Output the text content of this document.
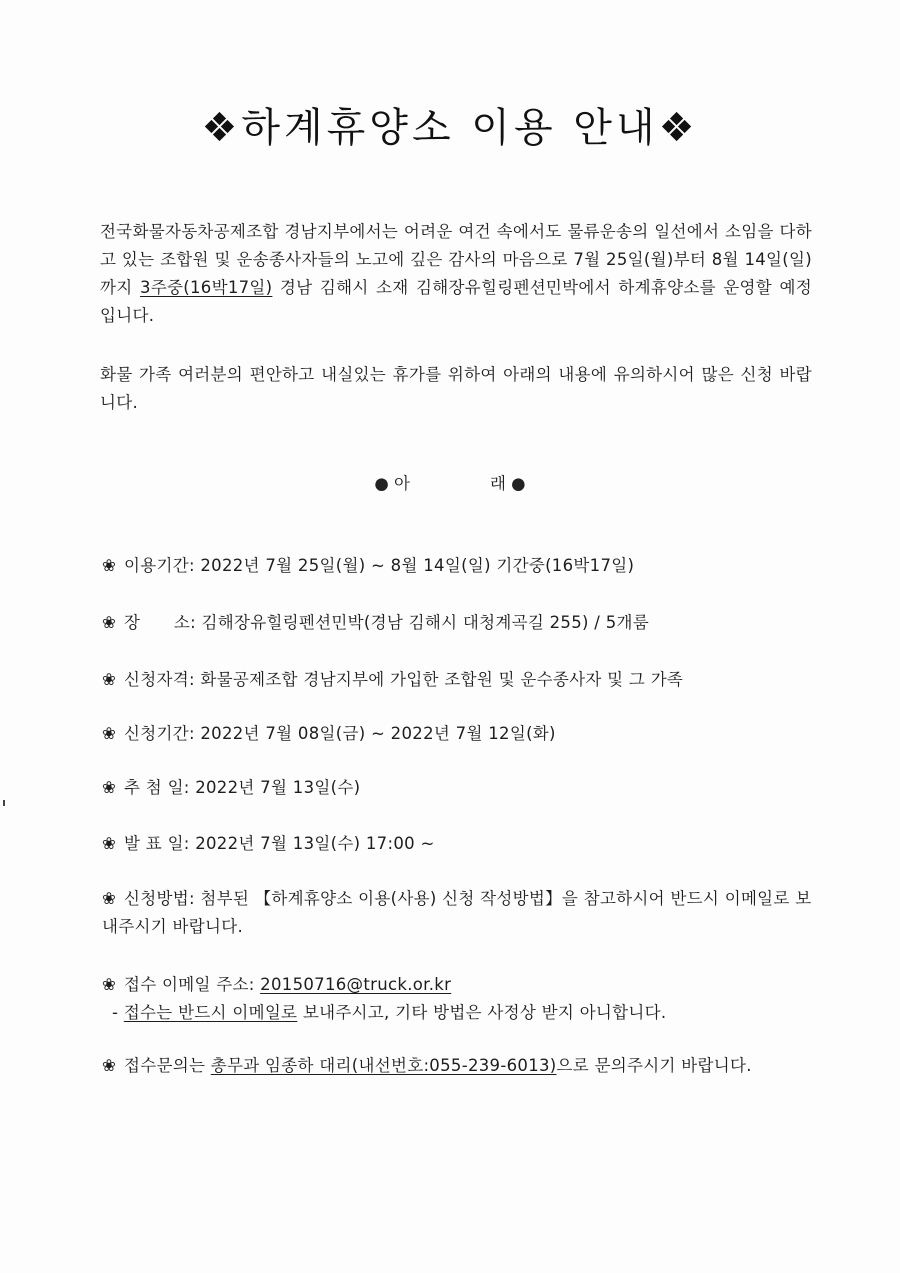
❖하계휴양소 이용 안내❖
전국화물자동차공제조합 경남지부에서는 어려운 여건 속에서도 물류운송의 일선에서 소임을 다하고 있는 조합원 및 운송종사자들의 노고에 깊은 감사의 마음으로 7월 25일(월)부터 8월 14일(일)까지 3주중(16박17일) 경남 김해시 소재 김해장유힐링펜션민박에서 하계휴양소를 운영할 예정입니다.
화물 가족 여러분의 편안하고 내실있는 휴가를 위하여 아래의 내용에 유의하시어 많은 신청 바랍니다.
● 아	래 ●
❀ 이용기간: 2022년 7월 25일(월) ~ 8월 14일(일) 기간중(16박17일)
❀ 장　　소: 김해장유힐링펜션민박(경남 김해시 대청계곡길 255) / 5개룸
❀ 신청자격: 화물공제조합 경남지부에 가입한 조합원 및 운수종사자 및 그 가족
❀ 신청기간: 2022년 7월 08일(금) ~ 2022년 7월 12일(화)
❀ 추 첨 일: 2022년 7월 13일(수)
❀ 발 표 일: 2022년 7월 13일(수) 17:00 ~
❀ 신청방법: 첨부된 【하계휴양소 이용(사용) 신청 작성방법】을 참고하시어 반드시 이메일로 보내주시기 바랍니다.
❀ 접수 이메일 주소: 20150716@truck.or.kr
- 접수는 반드시 이메일로 보내주시고, 기타 방법은 사정상 받지 아니합니다.
❀ 접수문의는 총무과 임종하 대리(내선번호:055-239-6013)으로 문의주시기 바랍니다.
